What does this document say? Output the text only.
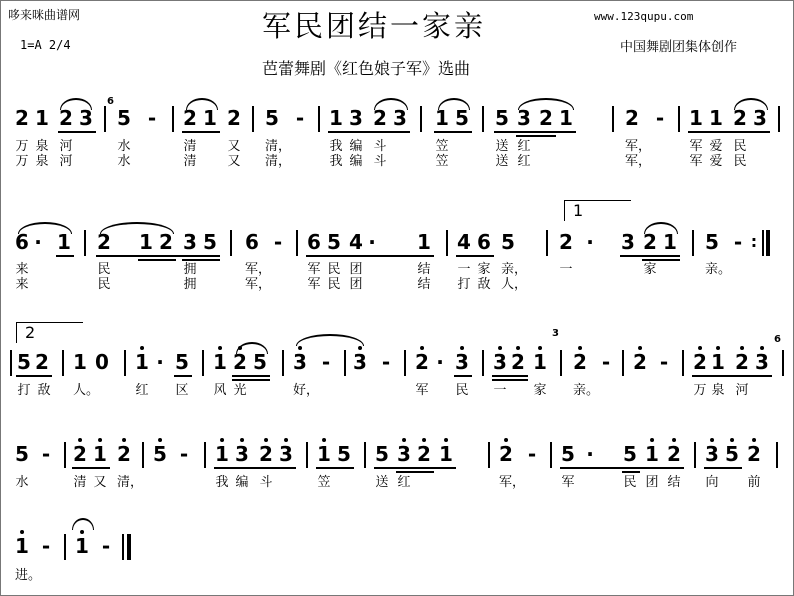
哆来咪曲谱网
1=A 2/4
军民团结一家亲
芭蕾舞剧《红色娘子军》选曲
www.123qupu.com
中国舞剧团集体创作
2 1 2 3
6
5 - 2 1 2 5 - 1 3 2 3 1 5 5 3 2 1	2 - 1 1 2 3
万 泉 河	水	清 又 清，	我 编 斗	笠	送 红	军，	军 爱 民
万 泉 河	水	清 又 清，	我 编 斗	笠	送 红	军，	军 爱 民
1
6 · 1 2 1 2 3 5 6 - 6 5 4 · 1 4 6 5 2 · 3 2 1 5 - :
来	民	拥	军，	军 民 团	结 一 家 亲， 一	家	亲。
来	民	拥	军，	军 民 团	结 打 敌 人，
2
5 2 1 0 1 · 5 1 2 5 3 - 3 - 2 · 3 3 2 1
3
2 - 2 - 2 1 2 3
6
打 敌 人。	红 区 风 光	好，	军 民 一 家 亲。	万 泉 河
5 - 2 1 2 5 - 1 3 2 3 1 5 5 3 2 1 2 - 5 · 5 1 2 3 5 2
水	清 又 清，	我 编 斗	笠	送 红	军，	军	民 团 结 向 前
1 - 1 -
进。
